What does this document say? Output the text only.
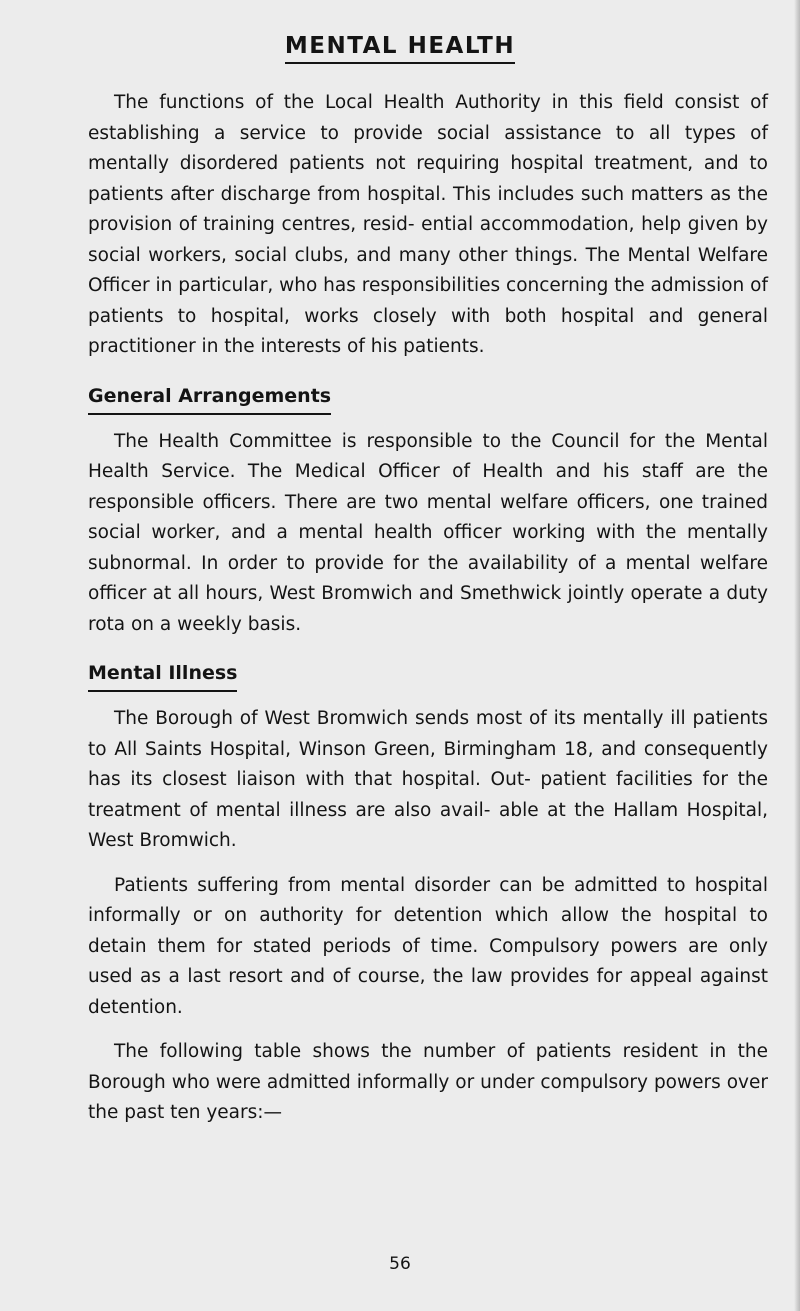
MENTAL HEALTH

The functions of the Local Health Authority in this field consist of establishing a service to provide social assistance to all types of mentally disordered patients not requiring hospital treatment, and to patients after discharge from hospital. This includes such matters as the provision of training centres, resid- ential accommodation, help given by social workers, social clubs, and many other things. The Mental Welfare Officer in particular, who has responsibilities concerning the admission of patients to hospital, works closely with both hospital and general practitioner in the interests of his patients.

General Arrangements

The Health Committee is responsible to the Council for the Mental Health Service. The Medical Officer of Health and his staff are the responsible officers. There are two mental welfare officers, one trained social worker, and a mental health officer working with the mentally subnormal. In order to provide for the availability of a mental welfare officer at all hours, West Bromwich and Smethwick jointly operate a duty rota on a weekly basis.

Mental Illness

The Borough of West Bromwich sends most of its mentally ill patients to All Saints Hospital, Winson Green, Birmingham 18, and consequently has its closest liaison with that hospital. Out- patient facilities for the treatment of mental illness are also avail- able at the Hallam Hospital, West Bromwich.

Patients suffering from mental disorder can be admitted to hospital informally or on authority for detention which allow the hospital to detain them for stated periods of time. Compulsory powers are only used as a last resort and of course, the law provides for appeal against detention.

The following table shows the number of patients resident in the Borough who were admitted informally or under compulsory powers over the past ten years:—

56
